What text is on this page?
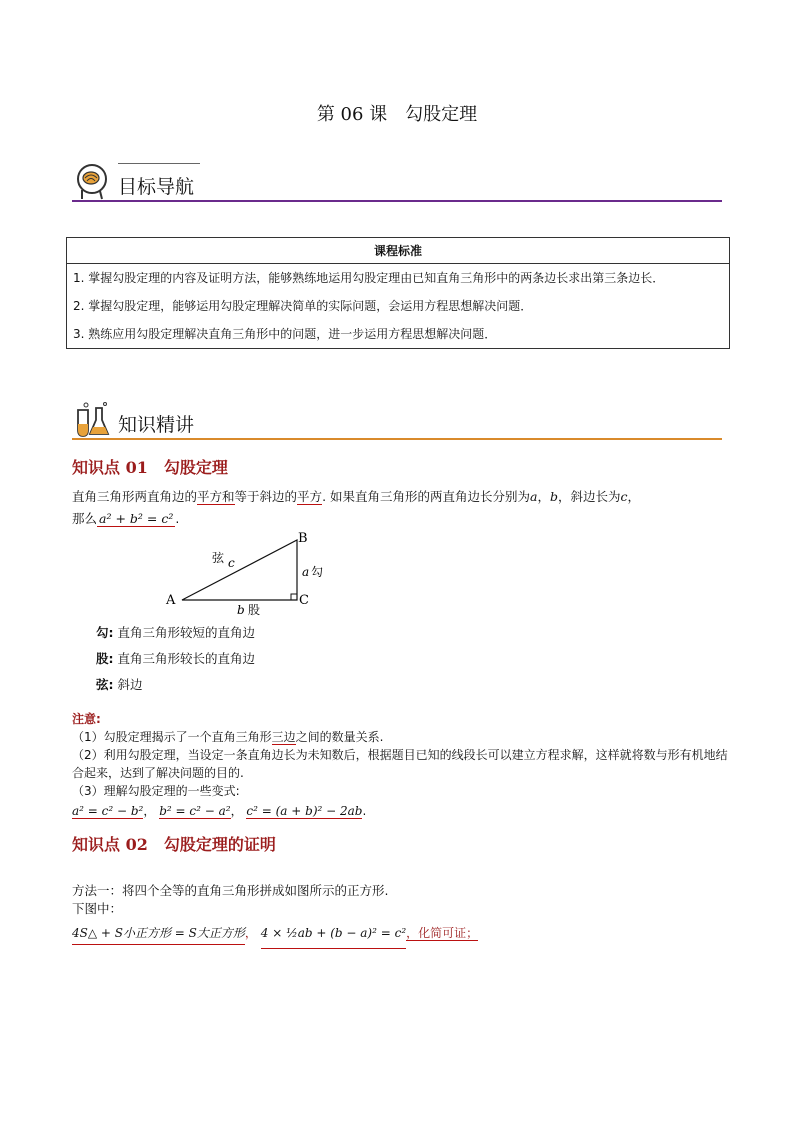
第 06 课　勾股定理
目标导航
课程标准
1. 掌握勾股定理的内容及证明方法，能够熟练地运用勾股定理由已知直角三角形中的两条边长求出第三条边长．
2. 掌握勾股定理，能够运用勾股定理解决简单的实际问题，会运用方程思想解决问题．
3. 熟练应用勾股定理解决直角三角形中的问题，进一步运用方程思想解决问题．
知识精讲
知识点 01　勾股定理
直角三角形两直角边的平方和等于斜边的平方. 如果直角三角形的两直角边长分别为a，b，斜边长为c，
那么 a² + b² = c² .
A
B
C
弦 c
a 勾
b 股
勾: 直角三角形较短的直角边
股: 直角三角形较长的直角边
弦: 斜边
注意:
（1）勾股定理揭示了一个直角三角形三边之间的数量关系.
（2）利用勾股定理，当设定一条直角边长为未知数后，根据题目已知的线段长可以建立方程求解，这样就将数与形有机地结合起来，达到了解决问题的目的.
（3）理解勾股定理的一些变式:
a² = c² − b²， b² = c² − a²， c² = (a + b)² − 2ab.
知识点 02　勾股定理的证明
方法一：将四个全等的直角三角形拼成如图所示的正方形.
下图中：
4S△ + S小正方形 = S大正方形， 4 × ½ab + (b − a)² = c²，化简可证；
